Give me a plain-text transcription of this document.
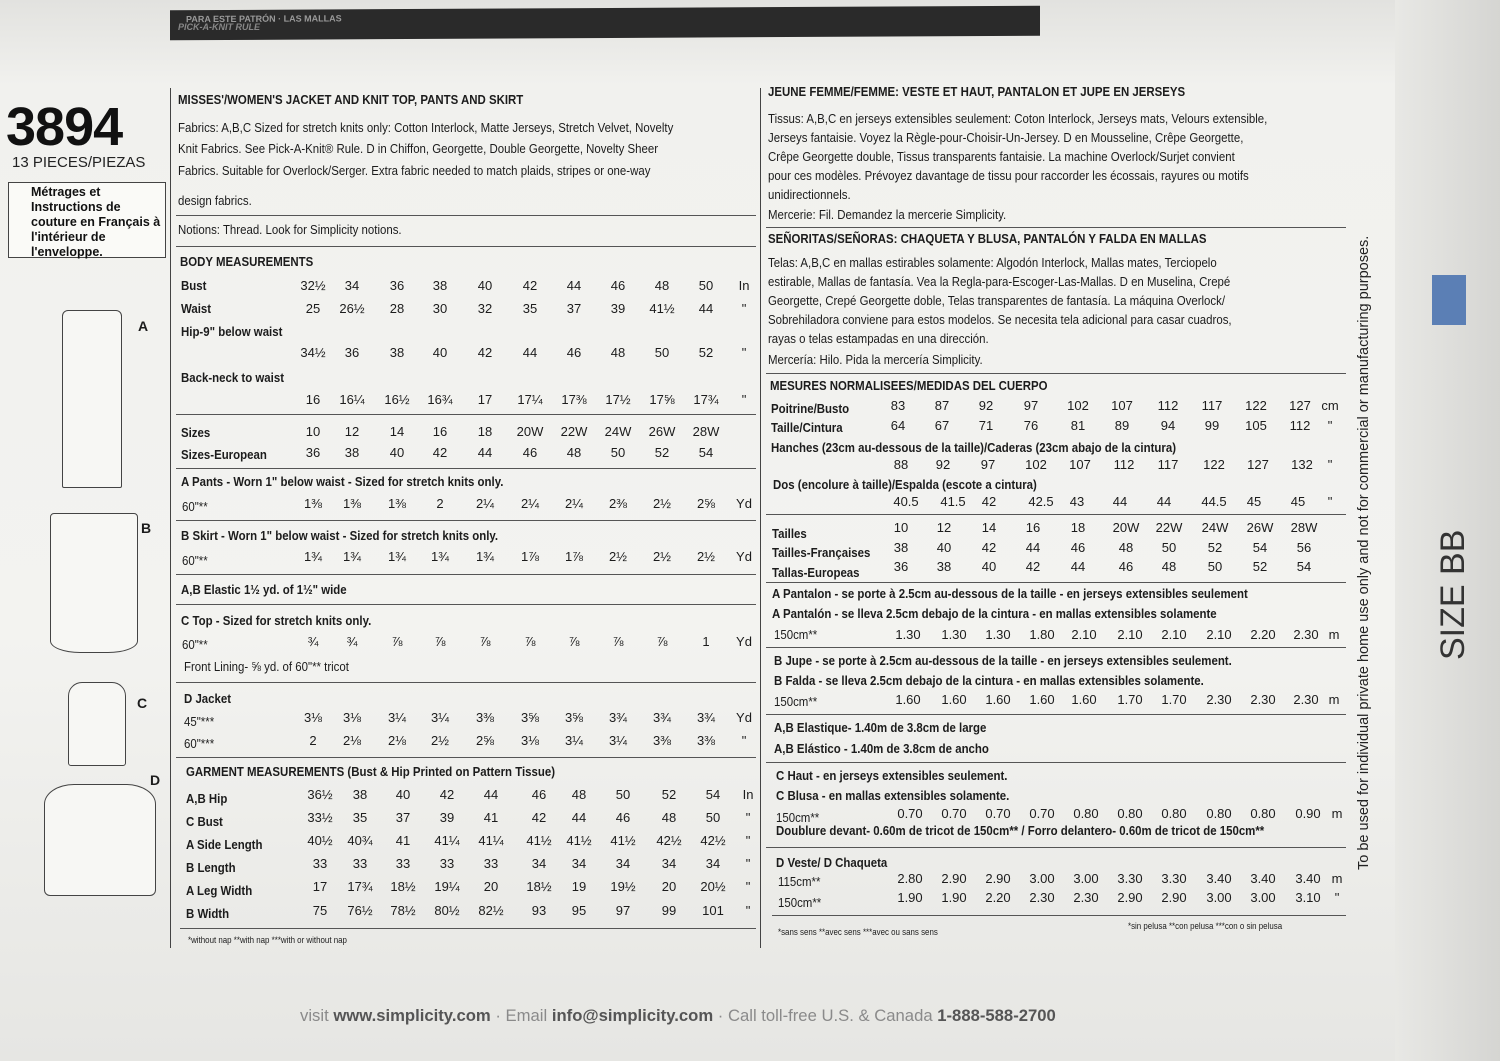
PARA ESTE PATRÓN · LAS MALLAS
PICK-A-KNIT RULE
3894
13 PIECES/PIEZAS
Métrages et Instructions de couture en Français à l'intérieur de l'enveloppe.
A
B
C
D
MISSES'/WOMEN'S JACKET AND KNIT TOP, PANTS AND SKIRT
Fabrics: A,B,C Sized for stretch knits only: Cotton Interlock, Matte Jerseys, Stretch Velvet, Novelty
Knit Fabrics. See Pick-A-Knit® Rule. D in Chiffon, Georgette, Double Georgette, Novelty Sheer
Fabrics. Suitable for Overlock/Serger. Extra fabric needed to match plaids, stripes or one-way
design fabrics.
Notions: Thread. Look for Simplicity notions.
BODY MEASUREMENTS
Bust	32½	34	36	38	40	42	44	46	48	50	In
Waist	25	26½	28	30	32	35	37	39	41½	44	"
Hip-9" below waist
34½	36	38	40	42	44	46	48	50	52	"
Back-neck to waist
16	16¼	16½	16¾	17	17¼	17⅜	17½	17⅝	17¾	"
Sizes	10	12	14	16	18	20W	22W	24W	26W	28W
Sizes-European	36	38	40	42	44	46	48	50	52	54
A Pants - Worn 1" below waist - Sized for stretch knits only.
60"**	1⅜	1⅜	1⅜	2	2¼	2¼	2¼	2⅜	2½	2⅝	Yd
B Skirt - Worn 1" below waist - Sized for stretch knits only.
60"**	1¾	1¾	1¾	1¾	1¾	1⅞	1⅞	2½	2½	2½	Yd
A,B Elastic 1½ yd. of 1½" wide
C Top - Sized for stretch knits only.
60"**	¾	¾	⅞	⅞	⅞	⅞	⅞	⅞	⅞	1	Yd
Front Lining- ⅝ yd. of 60"** tricot
D Jacket
45"***	3⅛	3⅛	3¼	3¼	3⅜	3⅝	3⅝	3¾	3¾	3¾	Yd
60"***	2	2⅛	2⅛	2½	2⅝	3⅛	3¼	3¼	3⅜	3⅜	"
GARMENT MEASUREMENTS (Bust & Hip Printed on Pattern Tissue)
A,B Hip	36½	38	40	42	44	46	48	50	52	54	In
C Bust	33½	35	37	39	41	42	44	46	48	50	"
A Side Length	40½	40¾	41	41¼	41¼	41½	41½	41½	42½	42½	"
B Length	33	33	33	33	33	34	34	34	34	34	"
A Leg Width	17	17¾	18½	19¼	20	18½	19	19½	20	20½	"
B Width	75	76½	78½	80½	82½	93	95	97	99	101	"
JEUNE FEMME/FEMME: VESTE ET HAUT, PANTALON ET JUPE EN JERSEYS
Tissus: A,B,C en jerseys extensibles seulement: Coton Interlock, Jerseys mats, Velours extensible,
Jerseys fantaisie. Voyez la Règle-pour-Choisir-Un-Jersey. D en Mousseline, Crêpe Georgette,
Crêpe Georgette double, Tissus transparents fantaisie. La machine Overlock/Surjet convient
pour ces modèles. Prévoyez davantage de tissu pour raccorder les écossais, rayures ou motifs
unidirectionnels.
Mercerie: Fil. Demandez la mercerie Simplicity.
SEÑORITAS/SEÑORAS: CHAQUETA Y BLUSA, PANTALÓN Y FALDA EN MALLAS
Telas: A,B,C en mallas estirables solamente: Algodón Interlock, Mallas mates, Terciopelo
estirable, Mallas de fantasía. Vea la Regla-para-Escoger-Las-Mallas. D en Muselina, Crepé
Georgette, Crepé Georgette doble, Telas transparentes de fantasía. La máquina Overlock/
Sobrehiladora conviene para estos modelos. Se necesita tela adicional para casar cuadros,
rayas o telas estampadas en una dirección.
Mercería: Hilo. Pida la mercería Simplicity.
MESURES NORMALISEES/MEDIDAS DEL CUERPO
Poitrine/Busto	83	87	92	97	102	107	112	117	122	127 cm
Taille/Cintura	64	67	71	76	81	89	94	99	105	112	"
Hanches (23cm au-dessous de la taille)/Caderas (23cm abajo de la cintura)
88	92	97	102	107	112	117	122	127	132	"
Dos (encolure à taille)/Espalda (escote a cintura)
40.5	41.5	42	42.5	43	44	44	44.5	45	45	"
Tailles	10	12	14	16	18	20W	22W	24W	26W	28W
Tailles-Françaises	38	40	42	44	46	48	50	52	54	56
Tallas-Europeas	36	38	40	42	44	46	48	50	52	54
A Pantalon - se porte à 2.5cm au-dessous de la taille - en jerseys extensibles seulement
A Pantalón - se lleva 2.5cm debajo de la cintura - en mallas extensibles solamente
150cm**	1.30	1.30	1.30	1.80	2.10	2.10	2.10	2.10	2.20	2.30 m
B Jupe - se porte à 2.5cm au-dessous de la taille - en jerseys extensibles seulement.
B Falda - se lleva 2.5cm debajo de la cintura - en mallas extensibles solamente.
150cm**	1.60	1.60	1.60	1.60	1.60	1.70	1.70	2.30	2.30	2.30 m
A,B Elastique- 1.40m de 3.8cm de large
A,B Elástico - 1.40m de 3.8cm de ancho
C Haut - en jerseys extensibles seulement.
C Blusa - en mallas extensibles solamente.
150cm**	0.70	0.70	0.70	0.70	0.80	0.80	0.80	0.80	0.80	0.90 m
Doublure devant- 0.60m de tricot de 150cm** / Forro delantero- 0.60m de tricot de 150cm**
D Veste/ D Chaqueta
115cm**	2.80	2.90	2.90	3.00	3.00	3.30	3.30	3.40	3.40	3.40 m
150cm**	1.90	1.90	2.20	2.30	2.30	2.90	2.90	3.00	3.00	3.10	"
*without nap **with nap ***with or without nap
*sans sens **avec sens ***avec ou sans sens
*sin pelusa **con pelusa ***con o sin pelusa
visit www.simplicity.com · Email info@simplicity.com · Call toll-free U.S. & Canada 1-888-588-2700
To be used for individual private home use only and not for commercial or manufacturing purposes. SIZE BB
